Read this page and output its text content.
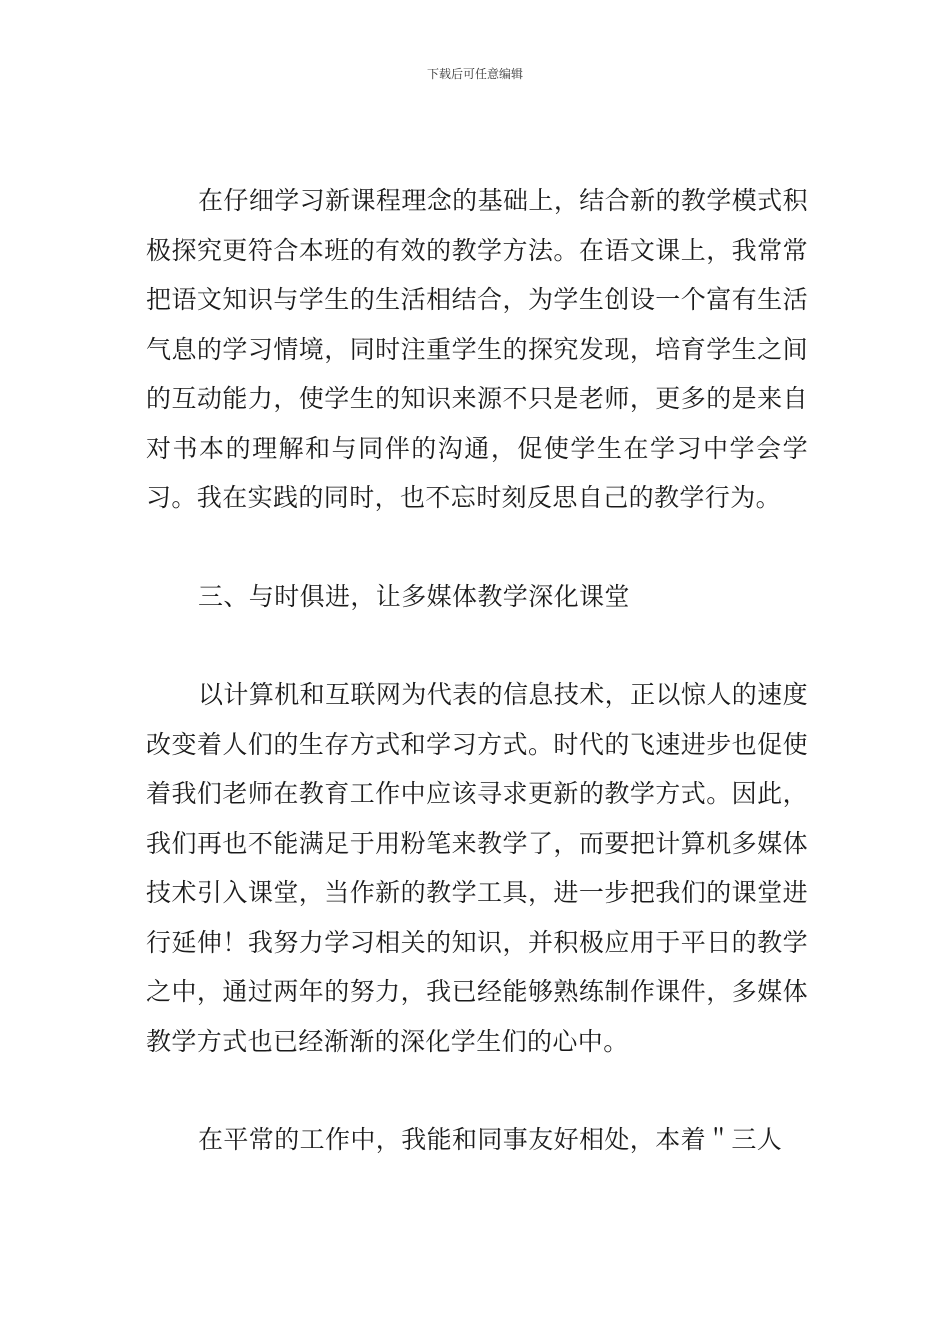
下载后可任意编辑

在仔细学习新课程理念的基础上，结合新的教学模式积极探究更符合本班的有效的教学方法。在语文课上，我常常把语文知识与学生的生活相结合，为学生创设一个富有生活气息的学习情境，同时注重学生的探究发现，培育学生之间的互动能力，使学生的知识来源不只是老师，更多的是来自对书本的理解和与同伴的沟通，促使学生在学习中学会学习。我在实践的同时，也不忘时刻反思自己的教学行为。

三、与时俱进，让多媒体教学深化课堂

以计算机和互联网为代表的信息技术，正以惊人的速度改变着人们的生存方式和学习方式。时代的飞速进步也促使着我们老师在教育工作中应该寻求更新的教学方式。因此，我们再也不能满足于用粉笔来教学了，而要把计算机多媒体技术引入课堂，当作新的教学工具，进一步把我们的课堂进行延伸！我努力学习相关的知识，并积极应用于平日的教学之中，通过两年的努力，我已经能够熟练制作课件，多媒体教学方式也已经渐渐的深化学生们的心中。

在平常的工作中，我能和同事友好相处，本着＂三人
